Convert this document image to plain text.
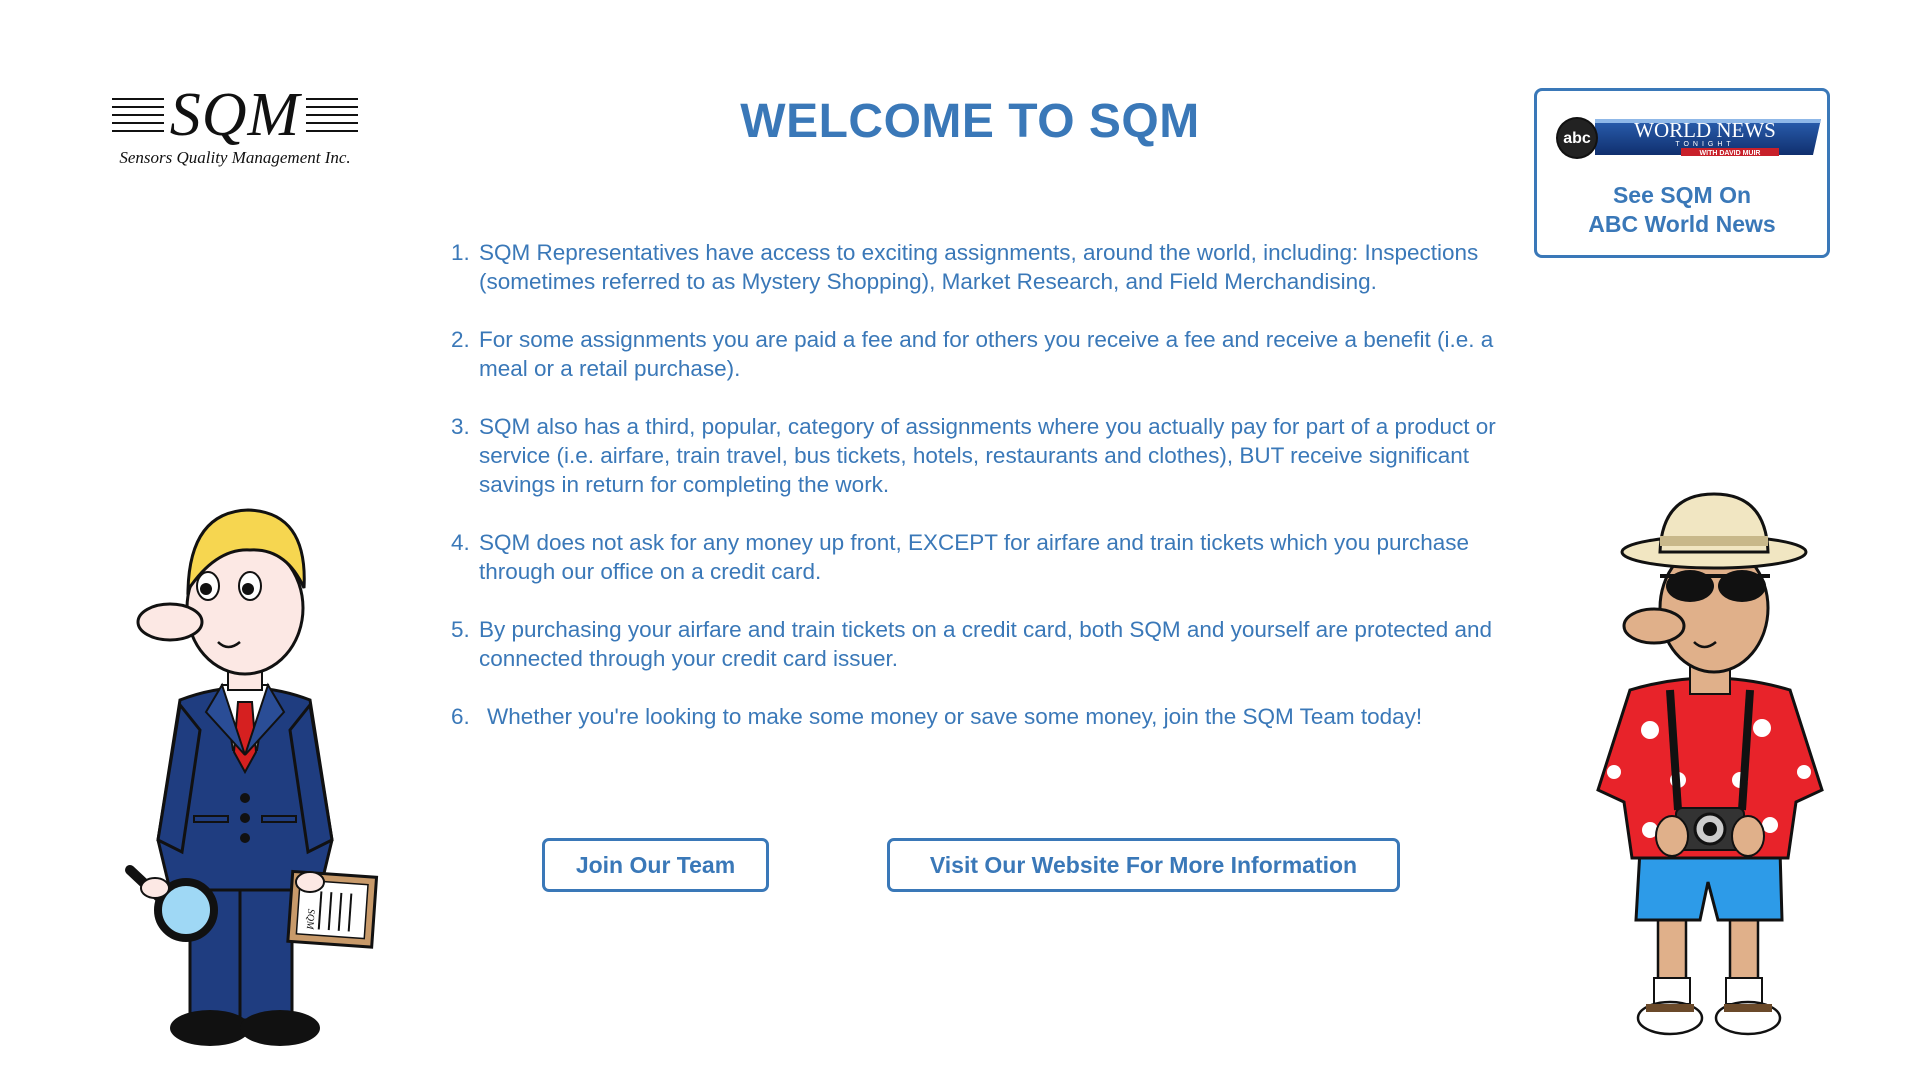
SQM
Sensors Quality Management Inc.
WELCOME TO SQM	abc WORLD NEWS
TONIGHT
WITH DAVID MUIR
See SQM On
ABC World News
1. SQM Representatives have access to exciting assignments, around the world, including: Inspections (sometimes referred to as Mystery Shopping), Market Research, and Field Merchandising.
2. For some assignments you are paid a fee and for others you receive a fee and receive a benefit (i.e. a meal or a retail purchase).
3. SQM also has a third, popular, category of assignments where you actually pay for part of a product or service (i.e. airfare, train travel, bus tickets, hotels, restaurants and clothes), BUT receive significant savings in return for completing the work.
4. SQM does not ask for any money up front, EXCEPT for airfare and train tickets which you purchase through our office on a credit card.
5. By purchasing your airfare and train tickets on a credit card, both SQM and yourself are protected and connected through your credit card issuer.
6. Whether you're looking to make some money or save some money, join the SQM Team today!
Join Our Team	Visit Our Website For More Information
SQM
